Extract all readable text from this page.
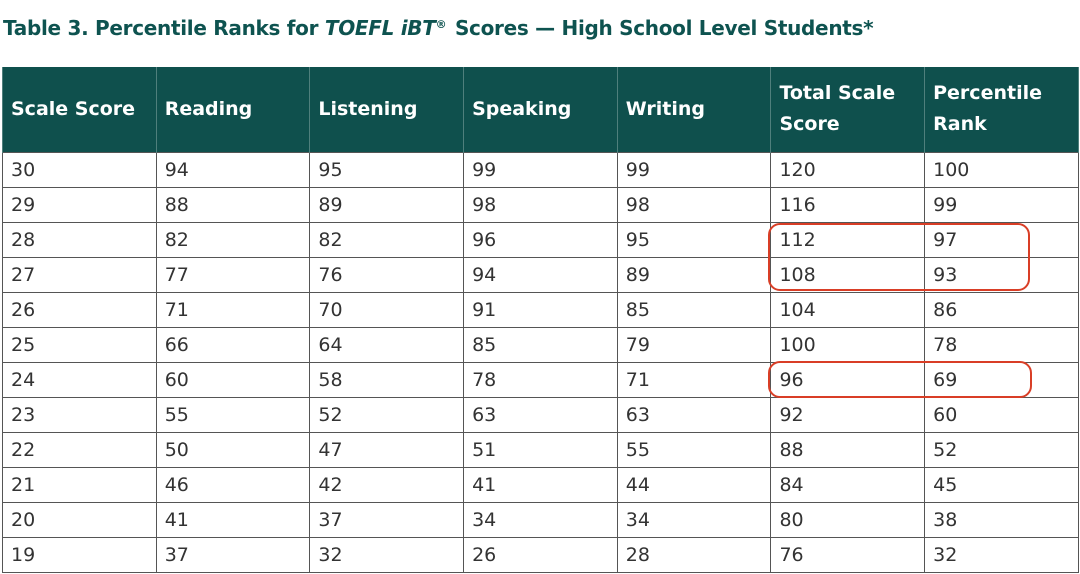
Table 3. Percentile Ranks for TOEFL iBT® Scores — High School Level Students*
Scale Score	Reading	Listening	Speaking	Writing	Total Scale Score	Percentile Rank
30	94	95	99	99	120	100
29	88	89	98	98	116	99
28	82	82	96	95	112	97
27	77	76	94	89	108	93
26	71	70	91	85	104	86
25	66	64	85	79	100	78
24	60	58	78	71	96	69
23	55	52	63	63	92	60
22	50	47	51	55	88	52
21	46	42	41	44	84	45
20	41	37	34	34	80	38
19	37	32	26	28	76	32
